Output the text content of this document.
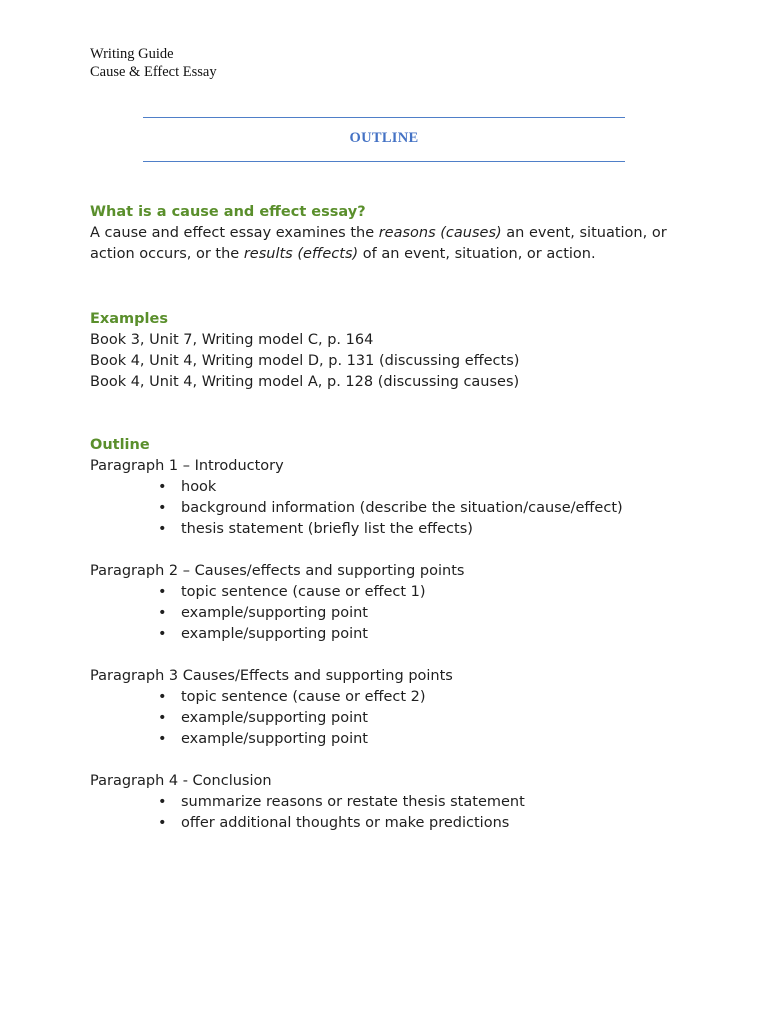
Writing Guide
Cause & Effect Essay
OUTLINE
What is a cause and effect essay?

A cause and effect essay examines the reasons (causes) an event, situation, or action occurs, or the results (effects) of an event, situation, or action.

Examples
Book 3, Unit 7, Writing model C, p. 164
Book 4, Unit 4, Writing model D, p. 131 (discussing effects)
Book 4, Unit 4, Writing model A, p. 128 (discussing causes)
Outline
Paragraph 1 – Introductory
• hook
• background information (describe the situation/cause/effect)
• thesis statement (briefly list the effects)
Paragraph 2 – Causes/effects and supporting points
• topic sentence (cause or effect 1)
• example/supporting point
• example/supporting point
Paragraph 3 Causes/Effects and supporting points
• topic sentence (cause or effect 2)
• example/supporting point
• example/supporting point
Paragraph 4 - Conclusion
• summarize reasons or restate thesis statement
• offer additional thoughts or make predictions
